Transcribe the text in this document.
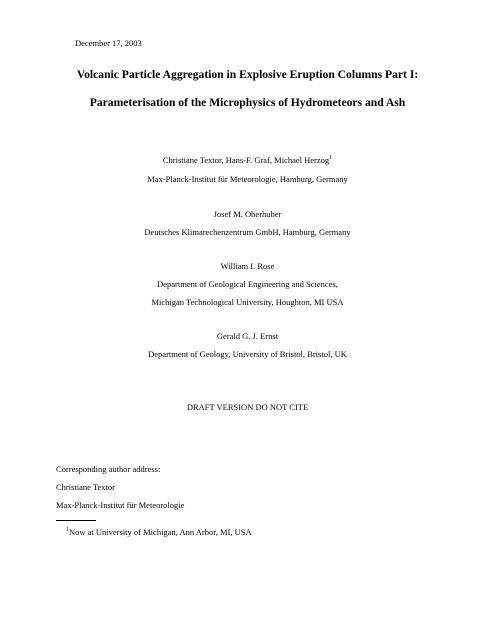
December 17, 2003
Volcanic Particle Aggregation in Explosive Eruption Columns Part I:
Parameterisation of the Microphysics of Hydrometeors and Ash
Christiane Textor, Hans-F. Graf, Michael Herzog$^1$
Max-Planck-Institut für Meteorologie, Hamburg, Germany
Josef M. Oberhuber
Deutsches Klimarechenzentrum GmbH, Hamburg, Germany
William I. Rose
Department of Geological Engineering and Sciences,
Michigan Technological University, Houghton, MI USA
Gerald G. J. Ernst
Department of Geology, University of Bristol, Bristol, UK
DRAFT VERSION DO NOT CITE
Corresponding author address:
Christiane Textor
Max-Planck-Institut für Meteorologie
$^1$Now at University of Michigan, Ann Arbor, MI, USA
